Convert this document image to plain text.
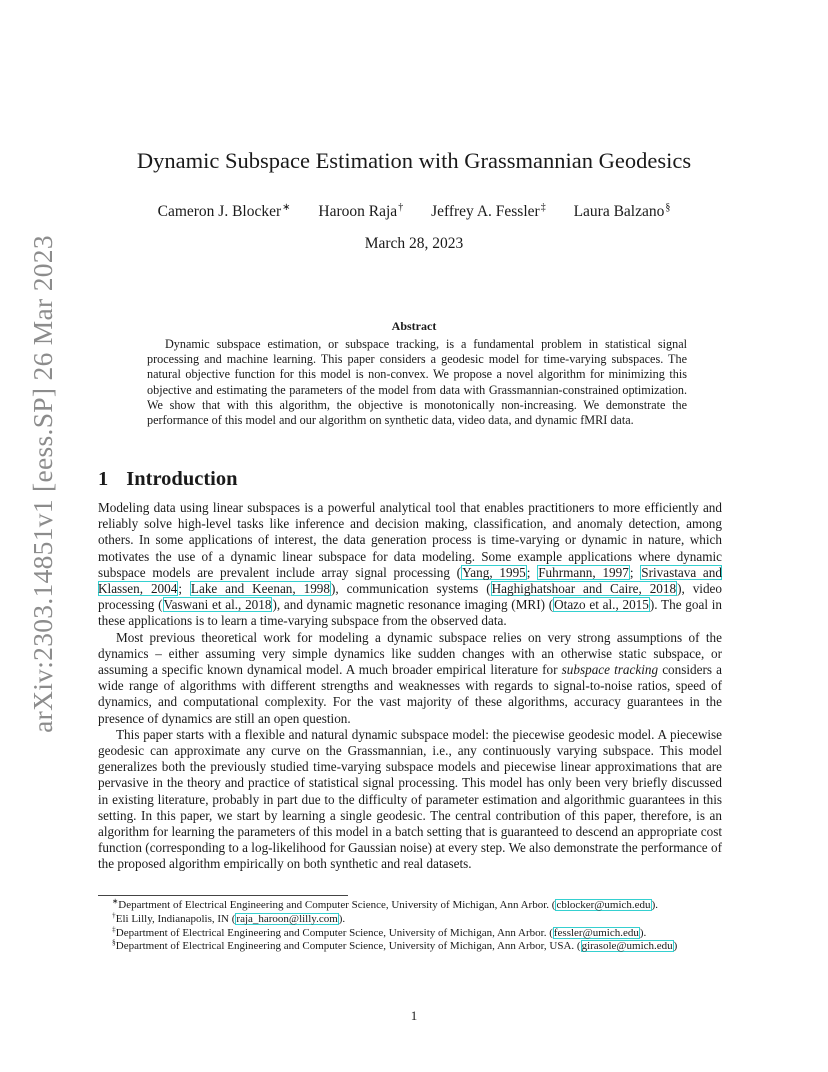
arXiv:2303.14851v1 [eess.SP] 26 Mar 2023
Dynamic Subspace Estimation with Grassmannian Geodesics
Cameron J. Blocker∗ Haroon Raja† Jeffrey A. Fessler‡ Laura Balzano§
March 28, 2023
Abstract

Dynamic subspace estimation, or subspace tracking, is a fundamental problem in statistical signal processing and machine learning. This paper considers a geodesic model for time-varying subspaces. The natural objective function for this model is non-convex. We propose a novel algorithm for minimizing this objective and estimating the parameters of the model from data with Grassmannian-constrained optimization. We show that with this algorithm, the objective is monotonically non-increasing. We demonstrate the performance of this model and our algorithm on synthetic data, video data, and dynamic fMRI data.

1 Introduction

Modeling data using linear subspaces is a powerful analytical tool that enables practitioners to more efficiently and reliably solve high-level tasks like inference and decision making, classification, and anomaly detection, among others. In some applications of interest, the data generation process is time-varying or dynamic in nature, which motivates the use of a dynamic linear subspace for data modeling. Some example applications where dynamic subspace models are prevalent include array signal processing (Yang, 1995; Fuhrmann, 1997; Srivastava and Klassen, 2004; Lake and Keenan, 1998), communication systems (Haghighatshoar and Caire, 2018), video processing (Vaswani et al., 2018), and dynamic magnetic resonance imaging (MRI) (Otazo et al., 2015). The goal in these applications is to learn a time-varying subspace from the observed data.

Most previous theoretical work for modeling a dynamic subspace relies on very strong assumptions of the dynamics – either assuming very simple dynamics like sudden changes with an otherwise static subspace, or assuming a specific known dynamical model. A much broader empirical literature for subspace tracking considers a wide range of algorithms with different strengths and weaknesses with regards to signal-to-noise ratios, speed of dynamics, and computational complexity. For the vast majority of these algorithms, accuracy guarantees in the presence of dynamics are still an open question.

This paper starts with a flexible and natural dynamic subspace model: the piecewise geodesic model. A piecewise geodesic can approximate any curve on the Grassmannian, i.e., any continuously varying subspace. This model generalizes both the previously studied time-varying subspace models and piecewise linear approximations that are pervasive in the theory and practice of statistical signal processing. This model has only been very briefly discussed in existing literature, probably in part due to the difficulty of parameter estimation and algorithmic guarantees in this setting. In this paper, we start by learning a single geodesic. The central contribution of this paper, therefore, is an algorithm for learning the parameters of this model in a batch setting that is guaranteed to descend an appropriate cost function (corresponding to a log-likelihood for Gaussian noise) at every step. We also demonstrate the performance of the proposed algorithm empirically on both synthetic and real datasets.

∗Department of Electrical Engineering and Computer Science, University of Michigan, Ann Arbor. (cblocker@umich.edu).

†Eli Lilly, Indianapolis, IN (raja_haroon@lilly.com).

‡Department of Electrical Engineering and Computer Science, University of Michigan, Ann Arbor. (fessler@umich.edu).

§Department of Electrical Engineering and Computer Science, University of Michigan, Ann Arbor, USA. (girasole@umich.edu)

1
